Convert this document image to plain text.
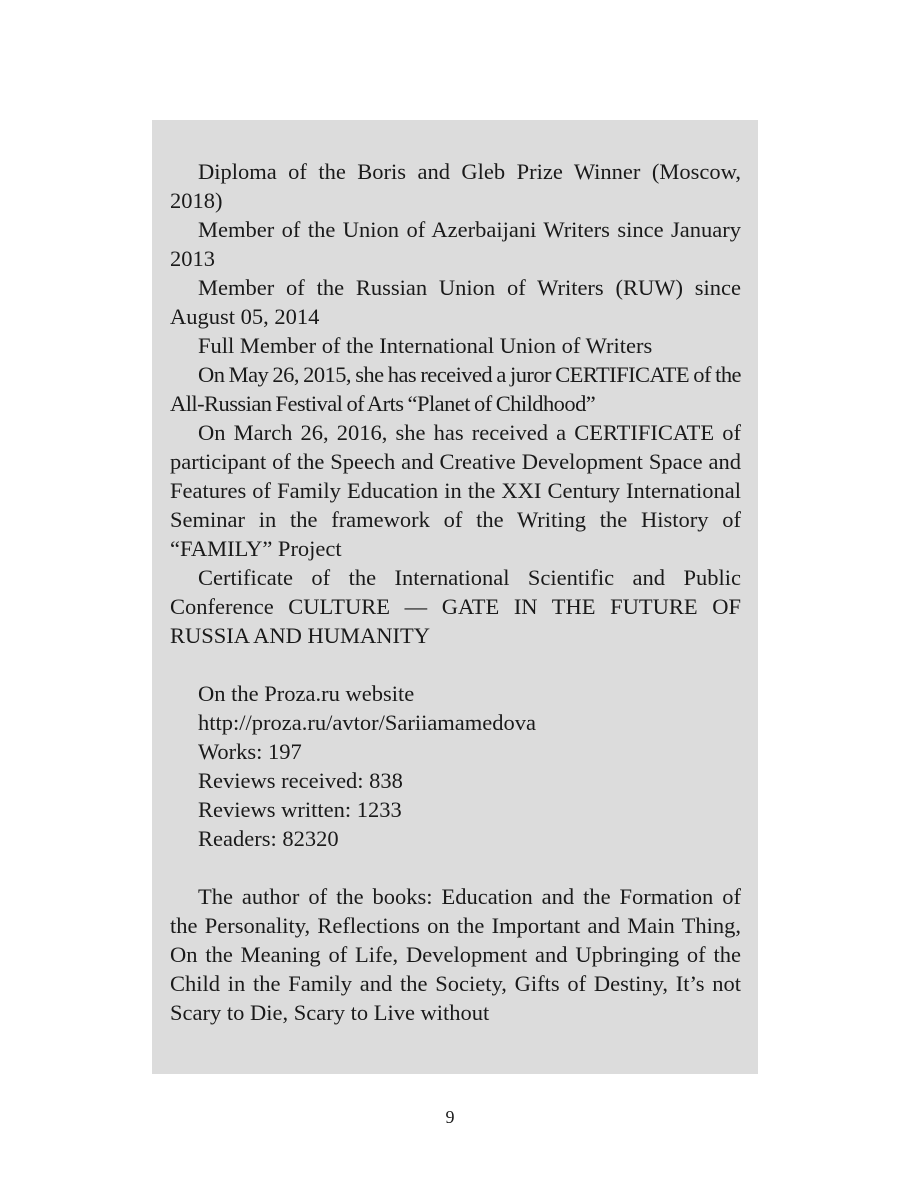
Diploma of the Boris and Gleb Prize Winner (Moscow, 2018)

Member of the Union of Azerbaijani Writers since January 2013

Member of the Russian Union of Writers (RUW) since August 05, 2014

Full Member of the International Union of Writers

On May 26, 2015, she has received a juror CERTIFICATE of the All-Russian Festival of Arts “Planet of Childhood”

On March 26, 2016, she has received a CERTIFICATE of participant of the Speech and Creative Development Space and Features of Family Education in the XXI Century International Seminar in the framework of the Writing the History of “FAMILY” Project

Certificate of the International Scientific and Public Conference CULTURE — GATE IN THE FUTURE OF RUSSIA AND HUMANITY

On the Proza.ru website

http://proza.ru/avtor/Sariiamamedova

Works: 197

Reviews received: 838

Reviews written: 1233

Readers: 82320

The author of the books: Education and the Formation of the Personality, Reflections on the Important and Main Thing, On the Meaning of Life, Development and Upbringing of the Child in the Family and the Society, Gifts of Destiny, It’s not Scary to Die, Scary to Live without

9
